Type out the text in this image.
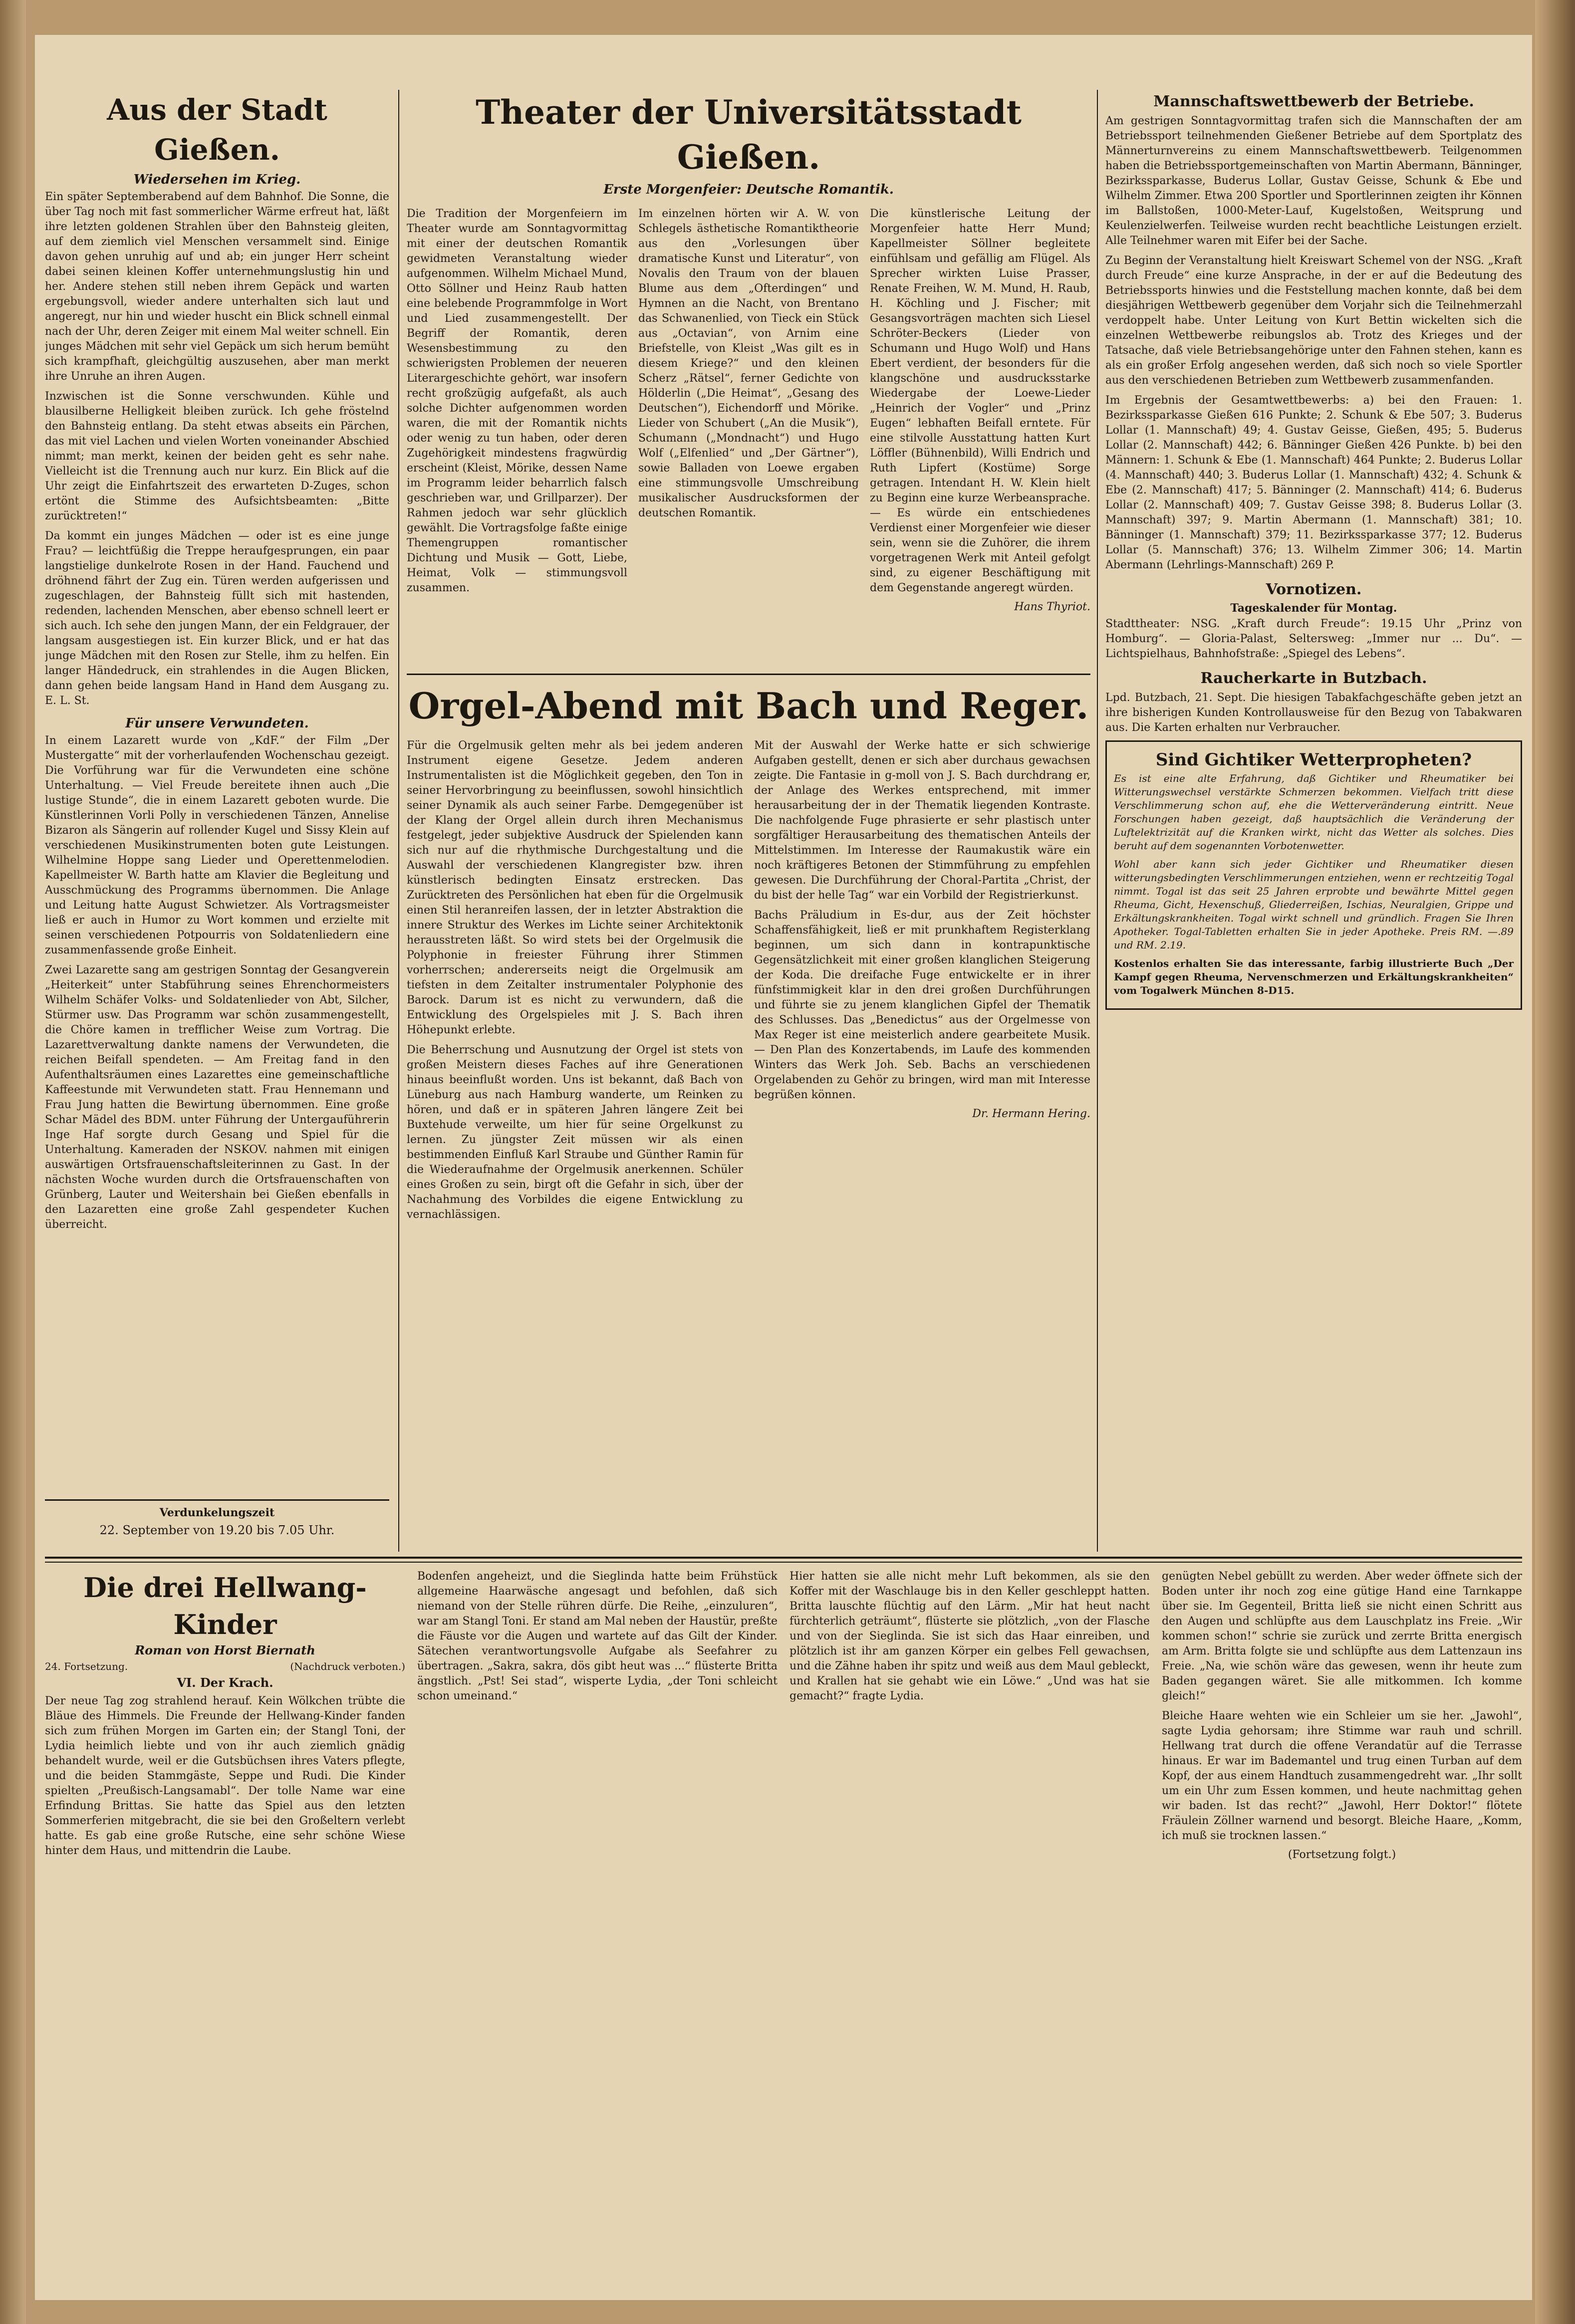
Aus der Stadt Gießen.
Wiedersehen im Krieg.

Ein später Septemberabend auf dem Bahnhof. Die Sonne, die über Tag noch mit fast sommerlicher Wärme erfreut hat, läßt ihre letzten goldenen Strahlen über den Bahnsteig gleiten, auf dem ziemlich viel Menschen versammelt sind. Einige davon gehen unruhig auf und ab; ein junger Herr scheint dabei seinen kleinen Koffer unternehmungslustig hin und her. Andere stehen still neben ihrem Gepäck und warten ergebungsvoll, wieder andere unterhalten sich laut und angeregt, nur hin und wieder huscht ein Blick schnell einmal nach der Uhr, deren Zeiger mit einem Mal weiter schnell. Ein junges Mädchen mit sehr viel Gepäck um sich herum bemüht sich krampfhaft, gleichgültig auszusehen, aber man merkt ihre Unruhe an ihren Augen.

Inzwischen ist die Sonne verschwunden. Kühle und blausilberne Helligkeit bleiben zurück. Ich gehe fröstelnd den Bahnsteig entlang. Da steht etwas abseits ein Pärchen, das mit viel Lachen und vielen Worten voneinander Abschied nimmt; man merkt, keinen der beiden geht es sehr nahe. Vielleicht ist die Trennung auch nur kurz. Ein Blick auf die Uhr zeigt die Einfahrtszeit des erwarteten D-Zuges, schon ertönt die Stimme des Aufsichtsbeamten: „Bitte zurücktreten!“

Da kommt ein junges Mädchen — oder ist es eine junge Frau? — leichtfüßig die Treppe heraufgesprungen, ein paar langstielige dunkelrote Rosen in der Hand. Fauchend und dröhnend fährt der Zug ein. Türen werden aufgerissen und zugeschlagen, der Bahnsteig füllt sich mit hastenden, redenden, lachenden Menschen, aber ebenso schnell leert er sich auch. Ich sehe den jungen Mann, der ein Feldgrauer, der langsam ausgestiegen ist. Ein kurzer Blick, und er hat das junge Mädchen mit den Rosen zur Stelle, ihm zu helfen. Ein langer Händedruck, ein strahlendes in die Augen Blicken, dann gehen beide langsam Hand in Hand dem Ausgang zu. E. L. St.

Für unsere Verwundeten.

In einem Lazarett wurde von „KdF.“ der Film „Der Mustergatte“ mit der vorherlaufenden Wochenschau gezeigt. Die Vorführung war für die Verwundeten eine schöne Unterhaltung. — Viel Freude bereitete ihnen auch „Die lustige Stunde“, die in einem Lazarett geboten wurde. Die Künstlerinnen Vorli Polly in verschiedenen Tänzen, Annelise Bizaron als Sängerin auf rollender Kugel und Sissy Klein auf verschiedenen Musikinstrumenten boten gute Leistungen. Wilhelmine Hoppe sang Lieder und Operettenmelodien. Kapellmeister W. Barth hatte am Klavier die Begleitung und Ausschmückung des Programms übernommen. Die Anlage und Leitung hatte August Schwietzer. Als Vortragsmeister ließ er auch in Humor zu Wort kommen und erzielte mit seinen verschiedenen Potpourris von Soldatenliedern eine zusammenfassende große Einheit.

Zwei Lazarette sang am gestrigen Sonntag der Gesangverein „Heiterkeit“ unter Stabführung seines Ehrenchormeisters Wilhelm Schäfer Volks- und Soldatenlieder von Abt, Silcher, Stürmer usw. Das Programm war schön zusammengestellt, die Chöre kamen in trefflicher Weise zum Vortrag. Die Lazarettverwaltung dankte namens der Verwundeten, die reichen Beifall spendeten. — Am Freitag fand in den Aufenthaltsräumen eines Lazarettes eine gemeinschaftliche Kaffeestunde mit Verwundeten statt. Frau Hennemann und Frau Jung hatten die Bewirtung übernommen. Eine große Schar Mädel des BDM. unter Führung der Untergauführerin Inge Haf sorgte durch Gesang und Spiel für die Unterhaltung. Kameraden der NSKOV. nahmen mit einigen auswärtigen Ortsfrauenschaftsleiterinnen zu Gast. In der nächsten Woche wurden durch die Ortsfrauenschaften von Grünberg, Lauter und Weitershain bei Gießen ebenfalls in den Lazaretten eine große Zahl gespendeter Kuchen überreicht.

Verdunkelungszeit
22. September von 19.20 bis 7.05 Uhr.
Theater der Universitätsstadt Gießen.
Erste Morgenfeier: Deutsche Romantik.

Die Tradition der Morgenfeiern im Theater wurde am Sonntagvormittag mit einer der deutschen Romantik gewidmeten Veranstaltung wieder aufgenommen. Wilhelm Michael Mund, Otto Söllner und Heinz Raub hatten eine belebende Programmfolge in Wort und Lied zusammengestellt. Der Begriff der Romantik, deren Wesensbestimmung zu den schwierigsten Problemen der neueren Literargeschichte gehört, war insofern recht großzügig aufgefaßt, als auch solche Dichter aufgenommen worden waren, die mit der Romantik nichts oder wenig zu tun haben, oder deren Zugehörigkeit mindestens fragwürdig erscheint (Kleist, Mörike, dessen Name im Programm leider beharrlich falsch geschrieben war, und Grillparzer). Der Rahmen jedoch war sehr glücklich gewählt. Die Vortragsfolge faßte einige Themengruppen romantischer Dichtung und Musik — Gott, Liebe, Heimat, Volk — stimmungsvoll zusammen.

Im einzelnen hörten wir A. W. von Schlegels ästhetische Romantiktheorie aus den „Vorlesungen über dramatische Kunst und Literatur“, von Novalis den Traum von der blauen Blume aus dem „Ofterdingen“ und Hymnen an die Nacht, von Brentano das Schwanenlied, von Tieck ein Stück aus „Octavian“, von Arnim eine Briefstelle, von Kleist „Was gilt es in diesem Kriege?“ und den kleinen Scherz „Rätsel“, ferner Gedichte von Hölderlin („Die Heimat“, „Gesang des Deutschen“), Eichendorff und Mörike. Lieder von Schubert („An die Musik“), Schumann („Mondnacht“) und Hugo Wolf („Elfenlied“ und „Der Gärtner“), sowie Balladen von Loewe ergaben eine stimmungsvolle Umschreibung musikalischer Ausdrucksformen der deutschen Romantik.

Die künstlerische Leitung der Morgenfeier hatte Herr Mund; Kapellmeister Söllner begleitete einfühlsam und gefällig am Flügel. Als Sprecher wirkten Luise Prasser, Renate Freihen, W. M. Mund, H. Raub, H. Köchling und J. Fischer; mit Gesangsvorträgen machten sich Liesel Schröter-Beckers (Lieder von Schumann und Hugo Wolf) und Hans Ebert verdient, der besonders für die klangschöne und ausdrucksstarke Wiedergabe der Loewe-Lieder „Heinrich der Vogler“ und „Prinz Eugen“ lebhaften Beifall erntete. Für eine stilvolle Ausstattung hatten Kurt Löffler (Bühnenbild), Willi Endrich und Ruth Lipfert (Kostüme) Sorge getragen. Intendant H. W. Klein hielt zu Beginn eine kurze Werbeansprache. — Es würde ein entschiedenes Verdienst einer Morgenfeier wie dieser sein, wenn sie die Zuhörer, die ihrem vorgetragenen Werk mit Anteil gefolgt sind, zu eigener Beschäftigung mit dem Gegenstande angeregt würden.

Hans Thyriot.
Orgel-Abend mit Bach und Reger.

Für die Orgelmusik gelten mehr als bei jedem anderen Instrument eigene Gesetze. Jedem anderen Instrumentalisten ist die Möglichkeit gegeben, den Ton in seiner Hervorbringung zu beeinflussen, sowohl hinsichtlich seiner Dynamik als auch seiner Farbe. Demgegenüber ist der Klang der Orgel allein durch ihren Mechanismus festgelegt, jeder subjektive Ausdruck der Spielenden kann sich nur auf die rhythmische Durchgestaltung und die Auswahl der verschiedenen Klangregister bzw. ihren künstlerisch bedingten Einsatz erstrecken. Das Zurücktreten des Persönlichen hat eben für die Orgelmusik einen Stil heranreifen lassen, der in letzter Abstraktion die innere Struktur des Werkes im Lichte seiner Architektonik herausstreten läßt. So wird stets bei der Orgelmusik die Polyphonie in freiester Führung ihrer Stimmen vorherrschen; andererseits neigt die Orgelmusik am tiefsten in dem Zeitalter instrumentaler Polyphonie des Barock. Darum ist es nicht zu verwundern, daß die Entwicklung des Orgelspieles mit J. S. Bach ihren Höhepunkt erlebte.

Die Beherrschung und Ausnutzung der Orgel ist stets von großen Meistern dieses Faches auf ihre Generationen hinaus beeinflußt worden. Uns ist bekannt, daß Bach von Lüneburg aus nach Hamburg wanderte, um Reinken zu hören, und daß er in späteren Jahren längere Zeit bei Buxtehude verweilte, um hier für seine Orgelkunst zu lernen. Zu jüngster Zeit müssen wir als einen bestimmenden Einfluß Karl Straube und Günther Ramin für die Wiederaufnahme der Orgelmusik anerkennen. Schüler eines Großen zu sein, birgt oft die Gefahr in sich, über der Nachahmung des Vorbildes die eigene Entwicklung zu vernachlässigen.

Mit der Auswahl der Werke hatte er sich schwierige Aufgaben gestellt, denen er sich aber durchaus gewachsen zeigte. Die Fantasie in g-moll von J. S. Bach durchdrang er, der Anlage des Werkes entsprechend, mit immer herausarbeitung der in der Thematik liegenden Kontraste. Die nachfolgende Fuge phrasierte er sehr plastisch unter sorgfältiger Herausarbeitung des thematischen Anteils der Mittelstimmen. Im Interesse der Raumakustik wäre ein noch kräftigeres Betonen der Stimmführung zu empfehlen gewesen. Die Durchführung der Choral-Partita „Christ, der du bist der helle Tag“ war ein Vorbild der Registrierkunst.

Bachs Präludium in Es-dur, aus der Zeit höchster Schaffensfähigkeit, ließ er mit prunkhaftem Registerklang beginnen, um sich dann in kontrapunktische Gegensätzlichkeit mit einer großen klanglichen Steigerung der Koda. Die dreifache Fuge entwickelte er in ihrer fünfstimmigkeit klar in den drei großen Durchführungen und führte sie zu jenem klanglichen Gipfel der Thematik des Schlusses. Das „Benedictus“ aus der Orgelmesse von Max Reger ist eine meisterlich andere gearbeitete Musik. — Den Plan des Konzertabends, im Laufe des kommenden Winters das Werk Joh. Seb. Bachs an verschiedenen Orgelabenden zu Gehör zu bringen, wird man mit Interesse begrüßen können.

Dr. Hermann Hering.
Mannschaftswettbewerb der Betriebe.

Am gestrigen Sonntagvormittag trafen sich die Mannschaften der am Betriebssport teilnehmenden Gießener Betriebe auf dem Sportplatz des Männerturnvereins zu einem Mannschaftswettbewerb. Teilgenommen haben die Betriebssportgemeinschaften von Martin Abermann, Bänninger, Bezirkssparkasse, Buderus Lollar, Gustav Geisse, Schunk & Ebe und Wilhelm Zimmer. Etwa 200 Sportler und Sportlerinnen zeigten ihr Können im Ballstoßen, 1000-Meter-Lauf, Kugelstoßen, Weitsprung und Keulenzielwerfen. Teilweise wurden recht beachtliche Leistungen erzielt. Alle Teilnehmer waren mit Eifer bei der Sache.

Zu Beginn der Veranstaltung hielt Kreiswart Schemel von der NSG. „Kraft durch Freude“ eine kurze Ansprache, in der er auf die Bedeutung des Betriebssports hinwies und die Feststellung machen konnte, daß bei dem diesjährigen Wettbewerb gegenüber dem Vorjahr sich die Teilnehmerzahl verdoppelt habe. Unter Leitung von Kurt Bettin wickelten sich die einzelnen Wettbewerbe reibungslos ab. Trotz des Krieges und der Tatsache, daß viele Betriebsangehörige unter den Fahnen stehen, kann es als ein großer Erfolg angesehen werden, daß sich noch so viele Sportler aus den verschiedenen Betrieben zum Wettbewerb zusammenfanden.

Im Ergebnis der Gesamtwettbewerbs: a) bei den Frauen: 1. Bezirkssparkasse Gießen 616 Punkte; 2. Schunk & Ebe 507; 3. Buderus Lollar (1. Mannschaft) 49; 4. Gustav Geisse, Gießen, 495; 5. Buderus Lollar (2. Mannschaft) 442; 6. Bänninger Gießen 426 Punkte. b) bei den Männern: 1. Schunk & Ebe (1. Mannschaft) 464 Punkte; 2. Buderus Lollar (4. Mannschaft) 440; 3. Buderus Lollar (1. Mannschaft) 432; 4. Schunk & Ebe (2. Mannschaft) 417; 5. Bänninger (2. Mannschaft) 414; 6. Buderus Lollar (2. Mannschaft) 409; 7. Gustav Geisse 398; 8. Buderus Lollar (3. Mannschaft) 397; 9. Martin Abermann (1. Mannschaft) 381; 10. Bänninger (1. Mannschaft) 379; 11. Bezirkssparkasse 377; 12. Buderus Lollar (5. Mannschaft) 376; 13. Wilhelm Zimmer 306; 14. Martin Abermann (Lehrlings-Mannschaft) 269 P.

Vornotizen.
Tageskalender für Montag.

Stadttheater: NSG. „Kraft durch Freude“: 19.15 Uhr „Prinz von Homburg“. — Gloria-Palast, Seltersweg: „Immer nur ... Du“. — Lichtspielhaus, Bahnhofstraße: „Spiegel des Lebens“.

Raucherkarte in Butzbach.

Lpd. Butzbach, 21. Sept. Die hiesigen Tabakfachgeschäfte geben jetzt an ihre bisherigen Kunden Kontrollausweise für den Bezug von Tabakwaren aus. Die Karten erhalten nur Verbraucher.

Sind Gichtiker Wetterpropheten?

Es ist eine alte Erfahrung, daß Gichtiker und Rheumatiker bei Witterungswechsel verstärkte Schmerzen bekommen. Vielfach tritt diese Verschlimmerung schon auf, ehe die Wetterveränderung eintritt. Neue Forschungen haben gezeigt, daß hauptsächlich die Veränderung der Luftelektrizität auf die Kranken wirkt, nicht das Wetter als solches. Dies beruht auf dem sogenannten Vorbotenwetter.

Wohl aber kann sich jeder Gichtiker und Rheumatiker diesen witterungsbedingten Verschlimmerungen entziehen, wenn er rechtzeitig Togal nimmt. Togal ist das seit 25 Jahren erprobte und bewährte Mittel gegen Rheuma, Gicht, Hexenschuß, Gliederreißen, Ischias, Neuralgien, Grippe und Erkältungskrankheiten. Togal wirkt schnell und gründlich. Fragen Sie Ihren Apotheker. Togal-Tabletten erhalten Sie in jeder Apotheke. Preis RM. —.89 und RM. 2.19.

Kostenlos erhalten Sie das interessante, farbig illustrierte Buch „Der Kampf gegen Rheuma, Nervenschmerzen und Erkältungskrankheiten“ vom Togalwerk München 8-D15.

Die drei Hellwang-Kinder
Roman von Horst Biernath
24. Fortsetzung.	(Nachdruck verboten.)
VI. Der Krach.

Der neue Tag zog strahlend herauf. Kein Wölkchen trübte die Bläue des Himmels. Die Freunde der Hellwang-Kinder fanden sich zum frühen Morgen im Garten ein; der Stangl Toni, der Lydia heimlich liebte und von ihr auch ziemlich gnädig behandelt wurde, weil er die Gutsbüchsen ihres Vaters pflegte, und die beiden Stammgäste, Seppe und Rudi. Die Kinder spielten „Preußisch-Langsamabl“. Der tolle Name war eine Erfindung Brittas. Sie hatte das Spiel aus den letzten Sommerferien mitgebracht, die sie bei den Großeltern verlebt hatte. Es gab eine große Rutsche, eine sehr schöne Wiese hinter dem Haus, und mittendrin die Laube.

Bodenfen angeheizt, und die Sieglinda hatte beim Frühstück allgemeine Haarwäsche angesagt und befohlen, daß sich niemand von der Stelle rühren dürfe. Die Reihe, „einzuluren“, war am Stangl Toni. Er stand am Mal neben der Haustür, preßte die Fäuste vor die Augen und wartete auf das Gilt der Kinder. Sätechen verantwortungsvolle Aufgabe als Seefahrer zu übertragen. „Sakra, sakra, dös gibt heut was ...“ flüsterte Britta ängstlich. „Pst! Sei stad“, wisperte Lydia, „der Toni schleicht schon umeinand.“

Hier hatten sie alle nicht mehr Luft bekommen, als sie den Koffer mit der Waschlauge bis in den Keller geschleppt hatten. Britta lauschte flüchtig auf den Lärm. „Mir hat heut nacht fürchterlich geträumt“, flüsterte sie plötzlich, „von der Flasche und von der Sieglinda. Sie ist sich das Haar einreiben, und plötzlich ist ihr am ganzen Körper ein gelbes Fell gewachsen, und die Zähne haben ihr spitz und weiß aus dem Maul gebleckt, und Krallen hat sie gehabt wie ein Löwe.“ „Und was hat sie gemacht?“ fragte Lydia.

genügten Nebel gebüllt zu werden. Aber weder öffnete sich der Boden unter ihr noch zog eine gütige Hand eine Tarnkappe über sie. Im Gegenteil, Britta ließ sie nicht einen Schritt aus den Augen und schlüpfte aus dem Lauschplatz ins Freie. „Wir kommen schon!“ schrie sie zurück und zerrte Britta energisch am Arm. Britta folgte sie und schlüpfte aus dem Lattenzaun ins Freie. „Na, wie schön wäre das gewesen, wenn ihr heute zum Baden gegangen wäret. Sie alle mitkommen. Ich komme gleich!“

Bleiche Haare wehten wie ein Schleier um sie her. „Jawohl“, sagte Lydia gehorsam; ihre Stimme war rauh und schrill. Hellwang trat durch die offene Verandatür auf die Terrasse hinaus. Er war im Bademantel und trug einen Turban auf dem Kopf, der aus einem Handtuch zusammengedreht war. „Ihr sollt um ein Uhr zum Essen kommen, und heute nachmittag gehen wir baden. Ist das recht?“ „Jawohl, Herr Doktor!“ flötete Fräulein Zöllner warnend und besorgt. Bleiche Haare, „Komm, ich muß sie trocknen lassen.“

(Fortsetzung folgt.)
